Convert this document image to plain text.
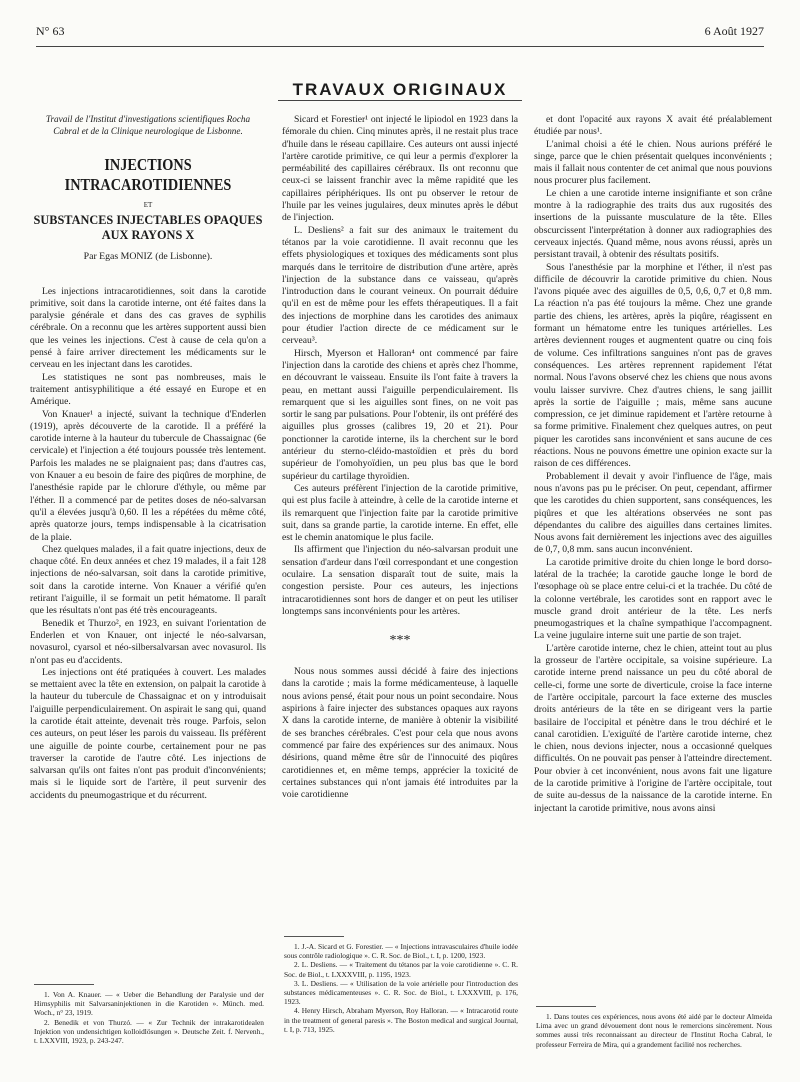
N° 63	6 Août 1927
TRAVAUX ORIGINAUX
Travail de l'Institut d'investigations scientifiques Rocha Cabral et de la Clinique neurologique de Lisbonne.
INJECTIONS
INTRACAROTIDIENNES
ET
SUBSTANCES INJECTABLES OPAQUES
AUX RAYONS X
Par Egas MONIZ (de Lisbonne).

Les injections intracarotidiennes, soit dans la carotide primitive, soit dans la carotide interne, ont été faites dans la paralysie générale et dans des cas graves de syphilis cérébrale. On a reconnu que les artères supportent aussi bien que les veines les injections. C'est à cause de cela qu'on a pensé à faire arriver directement les médicaments sur le cerveau en les injectant dans les carotides.

Les statistiques ne sont pas nombreuses, mais le traitement antisyphilitique a été essayé en Europe et en Amérique.

Von Knauer¹ a injecté, suivant la technique d'Enderlen (1919), après découverte de la carotide. Il a préféré la carotide interne à la hauteur du tubercule de Chassaignac (6e cervicale) et l'injection a été toujours poussée très lentement. Parfois les malades ne se plaignaient pas; dans d'autres cas, von Knauer a eu besoin de faire des piqûres de morphine, de l'anesthésie rapide par le chlorure d'éthyle, ou même par l'éther. Il a commencé par de petites doses de néo-salvarsan qu'il a élevées jusqu'à 0,60. Il les a répétées du même côté, après quatorze jours, temps indispensable à la cicatrisation de la plaie.

Chez quelques malades, il a fait quatre injections, deux de chaque côté. En deux années et chez 19 malades, il a fait 128 injections de néo-salvarsan, soit dans la carotide primitive, soit dans la carotide interne. Von Knauer a vérifié qu'en retirant l'aiguille, il se formait un petit hématome. Il paraît que les résultats n'ont pas été très encourageants.

Benedik et Thurzo², en 1923, en suivant l'orientation de Enderlen et von Knauer, ont injecté le néo-salvarsan, novasurol, cyarsol et néo-silbersalvarsan avec novasurol. Ils n'ont pas eu d'accidents.

Les injections ont été pratiquées à couvert. Les malades se mettaient avec la tête en extension, on palpait la carotide à la hauteur du tubercule de Chassaignac et on y introduisait l'aiguille perpendiculairement. On aspirait le sang qui, quand la carotide était atteinte, devenait très rouge. Parfois, selon ces auteurs, on peut léser les parois du vaisseau. Ils préfèrent une aiguille de pointe courbe, certainement pour ne pas traverser la carotide de l'autre côté. Les injections de salvarsan qu'ils ont faites n'ont pas produit d'inconvénients; mais si le liquide sort de l'artère, il peut survenir des accidents du pneumogastrique et du récurrent.

Sicard et Forestier¹ ont injecté le lipiodol en 1923 dans la fémorale du chien. Cinq minutes après, il ne restait plus trace d'huile dans le réseau capillaire. Ces auteurs ont aussi injecté l'artère carotide primitive, ce qui leur a permis d'explorer la perméabilité des capillaires cérébraux. Ils ont reconnu que ceux-ci se laissent franchir avec la même rapidité que les capillaires périphériques. Ils ont pu observer le retour de l'huile par les veines jugulaires, deux minutes après le début de l'injection.

L. Desliens² a fait sur des animaux le traitement du tétanos par la voie carotidienne. Il avait reconnu que les effets physiologiques et toxiques des médicaments sont plus marqués dans le territoire de distribution d'une artère, après l'injection de la substance dans ce vaisseau, qu'après l'introduction dans le courant veineux. On pourrait déduire qu'il en est de même pour les effets thérapeutiques. Il a fait des injections de morphine dans les carotides des animaux pour étudier l'action directe de ce médicament sur le cerveau³.

Hirsch, Myerson et Halloran⁴ ont commencé par faire l'injection dans la carotide des chiens et après chez l'homme, en découvrant le vaisseau. Ensuite ils l'ont faite à travers la peau, en mettant aussi l'aiguille perpendiculairement. Ils remarquent que si les aiguilles sont fines, on ne voit pas sortir le sang par pulsations. Pour l'obtenir, ils ont préféré des aiguilles plus grosses (calibres 19, 20 et 21). Pour ponctionner la carotide interne, ils la cherchent sur le bord antérieur du sterno-cléido-mastoïdien et près du bord supérieur de l'omohyoïdien, un peu plus bas que le bord supérieur du cartilage thyroïdien.

Ces auteurs préfèrent l'injection de la carotide primitive, qui est plus facile à atteindre, à celle de la carotide interne et ils remarquent que l'injection faite par la carotide primitive suit, dans sa grande partie, la carotide interne. En effet, elle est le chemin anatomique le plus facile.

Ils affirment que l'injection du néo-salvarsan produit une sensation d'ardeur dans l'œil correspondant et une congestion oculaire. La sensation disparaît tout de suite, mais la congestion persiste. Pour ces auteurs, les injections intracarotidiennes sont hors de danger et on peut les utiliser longtemps sans inconvénients pour les artères.

***

Nous nous sommes aussi décidé à faire des injections dans la carotide ; mais la forme médicamenteuse, à laquelle nous avions pensé, était pour nous un point secondaire. Nous aspirions à faire injecter des substances opaques aux rayons X dans la carotide interne, de manière à obtenir la visibilité de ses branches cérébrales. C'est pour cela que nous avons commencé par faire des expériences sur des animaux. Nous désirions, quand même être sûr de l'innocuité des piqûres carotidiennes et, en même temps, apprécier la toxicité de certaines substances qui n'ont jamais été introduites par la voie carotidienne

et dont l'opacité aux rayons X avait été préalablement étudiée par nous¹.

L'animal choisi a été le chien. Nous aurions préféré le singe, parce que le chien présentait quelques inconvénients ; mais il fallait nous contenter de cet animal que nous pouvions nous procurer plus facilement.

Le chien a une carotide interne insignifiante et son crâne montre à la radiographie des traits dus aux rugosités des insertions de la puissante musculature de la tête. Elles obscurcissent l'interprétation à donner aux radiographies des cerveaux injectés. Quand même, nous avons réussi, après un persistant travail, à obtenir des résultats positifs.

Sous l'anesthésie par la morphine et l'éther, il n'est pas difficile de découvrir la carotide primitive du chien. Nous l'avons piquée avec des aiguilles de 0,5, 0,6, 0,7 et 0,8 mm. La réaction n'a pas été toujours la même. Chez une grande partie des chiens, les artères, après la piqûre, réagissent en formant un hématome entre les tuniques artérielles. Les artères deviennent rouges et augmentent quatre ou cinq fois de volume. Ces infiltrations sanguines n'ont pas de graves conséquences. Les artères reprennent rapidement l'état normal. Nous l'avons observé chez les chiens que nous avons voulu laisser survivre. Chez d'autres chiens, le sang jaillit après la sortie de l'aiguille ; mais, même sans aucune compression, ce jet diminue rapidement et l'artère retourne à sa forme primitive. Finalement chez quelques autres, on peut piquer les carotides sans inconvénient et sans aucune de ces réactions. Nous ne pouvons émettre une opinion exacte sur la raison de ces différences.

Probablement il devait y avoir l'influence de l'âge, mais nous n'avons pas pu le préciser. On peut, cependant, affirmer que les carotides du chien supportent, sans conséquences, les piqûres et que les altérations observées ne sont pas dépendantes du calibre des aiguilles dans certaines limites. Nous avons fait dernièrement les injections avec des aiguilles de 0,7, 0,8 mm. sans aucun inconvénient.

La carotide primitive droite du chien longe le bord dorso-latéral de la trachée; la carotide gauche longe le bord de l'œsophage où se place entre celui-ci et la trachée. Du côté de la colonne vertébrale, les carotides sont en rapport avec le muscle grand droit antérieur de la tête. Les nerfs pneumogastriques et la chaîne sympathique l'accompagnent. La veine jugulaire interne suit une partie de son trajet.

L'artère carotide interne, chez le chien, atteint tout au plus la grosseur de l'artère occipitale, sa voisine supérieure. La carotide interne prend naissance un peu du côté aboral de celle-ci, forme une sorte de diverticule, croise la face interne de l'artère occipitale, parcourt la face externe des muscles droits antérieurs de la tête en se dirigeant vers la partie basilaire de l'occipital et pénètre dans le trou déchiré et le canal carotidien. L'exiguïté de l'artère carotide interne, chez le chien, nous devions injecter, nous a occasionné quelques difficultés. On ne pouvait pas penser à l'atteindre directement. Pour obvier à cet inconvénient, nous avons fait une ligature de la carotide primitive à l'origine de l'artère occipitale, tout de suite au-dessus de la naissance de la carotide interne. En injectant la carotide primitive, nous avons ainsi

1. Von A. Knauer. — « Ueber die Behandlung der Paralysie und der Hirnsyphilis mit Salvarsaninjektionen in die Karotiden ». Münch. med. Woch., n° 23, 1919.

2. Benedik et von Thurzó. — « Zur Technik der intrakarotidealen Injektion von undensichtigen kolloidlösungen ». Deutsche Zeit. f. Nervenh., t. LXXVIII, 1923, p. 243-247.

1. J.-A. Sicard et G. Forestier. — « Injections intravasculaires d'huile iodée sous contrôle radiologique ». C. R. Soc. de Biol., t. I, p. 1200, 1923.

2. L. Desliens. — « Traitement du tétanos par la voie carotidienne ». C. R. Soc. de Biol., t. LXXXVIII, p. 1195, 1923.

3. L. Desliens. — « Utilisation de la voie artérielle pour l'introduction des substances médicamenteuses ». C. R. Soc. de Biol., t. LXXXVIII, p. 176, 1923.

4. Henry Hirsch, Abraham Myerson, Roy Halloran. — « Intracarotid route in the treatment of general paresis ». The Boston medical and surgical Journal, t. I, p. 713, 1925.

1. Dans toutes ces expériences, nous avons été aidé par le docteur Almeida Lima avec un grand dévouement dont nous le remercions sincèrement. Nous sommes aussi très reconnaissant au directeur de l'Institut Rocha Cabral, le professeur Ferreira de Mira, qui a grandement facilité nos recherches.
